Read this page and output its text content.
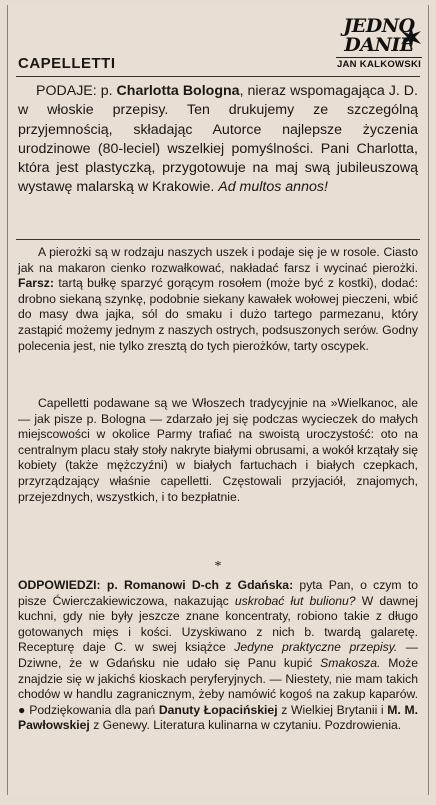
JEDNO
DANIE
JAN KALKOWSKI
CAPELLETTI

PODAJE: p. Charlotta Bologna, nieraz wspomagająca J. D. w włoskie przepisy. Ten drukujemy ze szczególną przyjemnością, składając Autorce najlepsze życzenia urodzinowe (80-leciel) wszelkiej pomyślności. Pani Charlotta, która jest plastyczką, przygotowuje na maj swą jubileuszową wystawę malarską w Krakowie. Ad multos annos!

A pierożki są w rodzaju naszych uszek i podaje się je w rosole. Ciasto jak na makaron cienko rozwałkować, nakładać farsz i wycinać pierożki. Farsz: tartą bułkę sparzyć gorącym rosołem (może być z kostki), dodać: drobno siekaną szynkę, podobnie siekany kawałek wołowej pieczeni, wbić do masy dwa jajka, sól do smaku i dużo tartego parmezanu, który zastąpić możemy jednym z naszych ostrych, podsuszonych serów. Godny polecenia jest, nie tylko zresztą do tych pierożków, tarty oscypek.

Capelletti podawane są we Włoszech tradycyjnie na »Wielkanoc, ale — jak pisze p. Bologna — zdarzało jej się podczas wycieczek do małych miejscowości w okolice Parmy trafiać na swoistą uroczystość: oto na centralnym placu stały stoły nakryte białymi obrusami, a wokół krzątały się kobiety (także mężczyźni) w białych fartuchach i białych czepkach, przyrządzający właśnie capelletti. Częstowali przyjaciół, znajomych, przejezdnych, wszystkich, i to bezpłatnie.

*

ODPOWIEDZI: p. Romanowi D-ch z Gdańska: pyta Pan, o czym to pisze Ćwierczakiewiczowa, nakazując uskrobać łut bulionu? W dawnej kuchni, gdy nie były jeszcze znane koncentraty, robiono takie z długo gotowanych mięs i kości. Uzyskiwano z nich b. twardą galaretę. Recepturę daje C. w swej książce Jedyne praktyczne przepisy. — Dziwne, że w Gdańsku nie udało się Panu kupić Smakosza. Może znajdzie się w jakichś kioskach peryferyjnych. — Niestety, nie mam takich chodów w handlu zagranicznym, żeby namówić kogoś na zakup kaparów. ● Podziękowania dla pań Danuty Łopacińskiej z Wielkiej Brytanii i M. M. Pawłowskiej z Genewy. Literatura kulinarna w czytaniu. Pozdrowienia.
